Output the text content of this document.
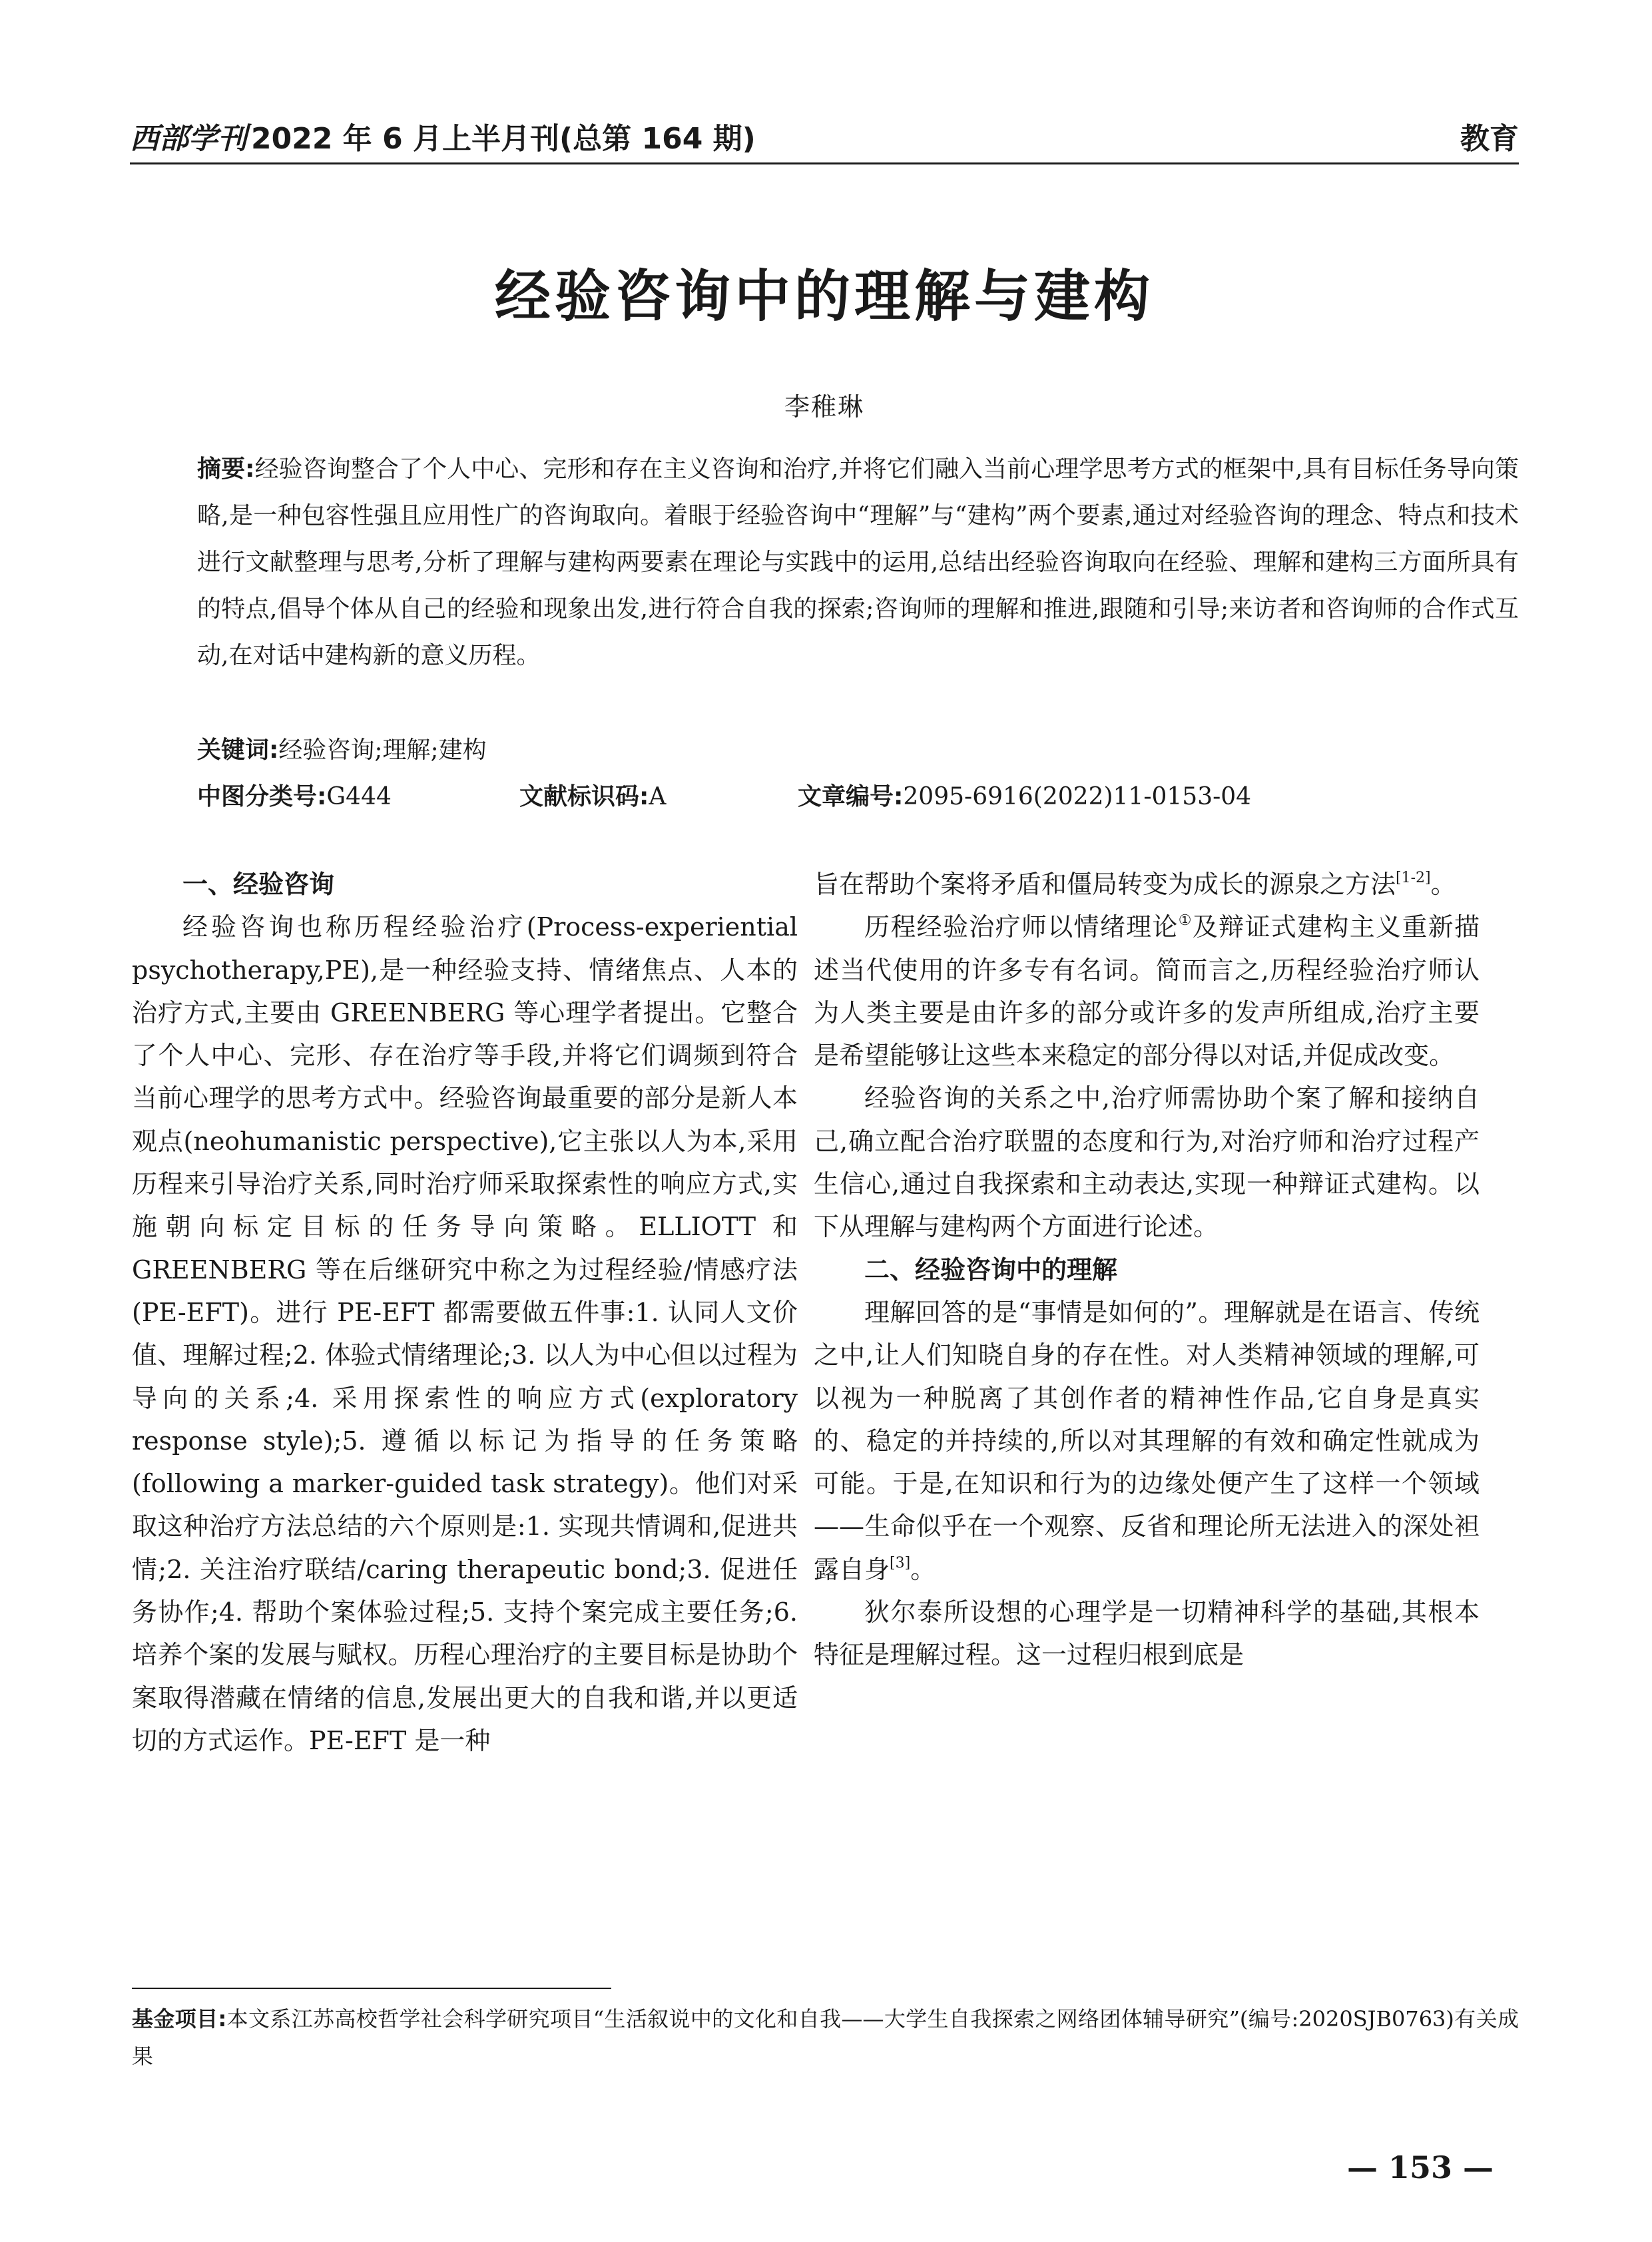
西部学刊 2022 年 6 月上半月刊(总第 164 期)	教育
经验咨询中的理解与建构
李稚琳
摘要:经验咨询整合了个人中心、完形和存在主义咨询和治疗,并将它们融入当前心理学思考方式的框架中,具有目标任务导向策略,是一种包容性强且应用性广的咨询取向。着眼于经验咨询中“理解”与“建构”两个要素,通过对经验咨询的理念、特点和技术进行文献整理与思考,分析了理解与建构两要素在理论与实践中的运用,总结出经验咨询取向在经验、理解和建构三方面所具有的特点,倡导个体从自己的经验和现象出发,进行符合自我的探索;咨询师的理解和推进,跟随和引导;来访者和咨询师的合作式互动,在对话中建构新的意义历程。
关键词:经验咨询;理解;建构
中图分类号:G444	文献标识码:A	文章编号:2095-6916(2022)11-0153-04
一、经验咨询

经验咨询也称历程经验治疗(Process-experiential psychotherapy,PE),是一种经验支持、情绪焦点、人本的治疗方式,主要由 GREENBERG 等心理学者提出。它整合了个人中心、完形、存在治疗等手段,并将它们调频到符合当前心理学的思考方式中。经验咨询最重要的部分是新人本观点(neohumanistic perspective),它主张以人为本,采用历程来引导治疗关系,同时治疗师采取探索性的响应方式,实施朝向标定目标的任务导向策略。ELLIOTT 和 GREENBERG 等在后继研究中称之为过程经验/情感疗法(PE-EFT)。进行 PE-EFT 都需要做五件事:1. 认同人文价值、理解过程;2. 体验式情绪理论;3. 以人为中心但以过程为导向的关系;4. 采用探索性的响应方式(exploratory response style);5. 遵循以标记为指导的任务策略(following a marker-guided task strategy)。他们对采取这种治疗方法总结的六个原则是:1. 实现共情调和,促进共情;2. 关注治疗联结/caring therapeutic bond;3. 促进任务协作;4. 帮助个案体验过程;5. 支持个案完成主要任务;6. 培养个案的发展与赋权。历程心理治疗的主要目标是协助个案取得潜藏在情绪的信息,发展出更大的自我和谐,并以更适切的方式运作。PE-EFT 是一种

旨在帮助个案将矛盾和僵局转变为成长的源泉之方法[1-2]。

历程经验治疗师以情绪理论①及辩证式建构主义重新描述当代使用的许多专有名词。简而言之,历程经验治疗师认为人类主要是由许多的部分或许多的发声所组成,治疗主要是希望能够让这些本来稳定的部分得以对话,并促成改变。

经验咨询的关系之中,治疗师需协助个案了解和接纳自己,确立配合治疗联盟的态度和行为,对治疗师和治疗过程产生信心,通过自我探索和主动表达,实现一种辩证式建构。以下从理解与建构两个方面进行论述。

二、经验咨询中的理解

理解回答的是“事情是如何的”。理解就是在语言、传统之中,让人们知晓自身的存在性。对人类精神领域的理解,可以视为一种脱离了其创作者的精神性作品,它自身是真实的、稳定的并持续的,所以对其理解的有效和确定性就成为可能。于是,在知识和行为的边缘处便产生了这样一个领域——生命似乎在一个观察、反省和理论所无法进入的深处袒露自身[3]。

狄尔泰所设想的心理学是一切精神科学的基础,其根本特征是理解过程。这一过程归根到底是

基金项目:本文系江苏高校哲学社会科学研究项目“生活叙说中的文化和自我——大学生自我探索之网络团体辅导研究”(编号:2020SJB0763)有关成果
— 153 —
